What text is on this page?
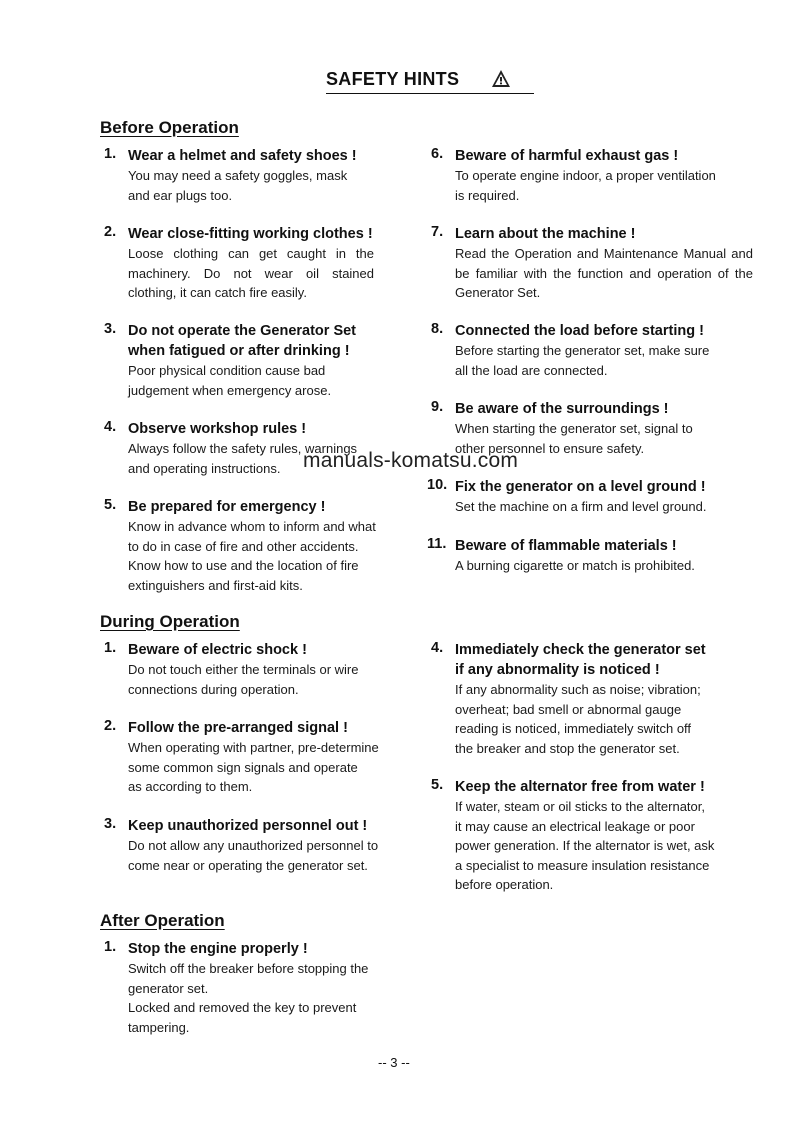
SAFETY HINTS
Before Operation
1. Wear a helmet and safety shoes !
You may need a safety goggles, mask
and ear plugs too.
2. Wear close-fitting working clothes !
Loose clothing can get caught in the machinery. Do not wear oil stained clothing, it can catch fire easily.
3. Do not operate the Generator Set when fatigued or after drinking !
Poor physical condition cause bad
judgement when emergency arose.
4. Observe workshop rules !
Always follow the safety rules, warnings
and operating instructions.
5. Be prepared for emergency !
Know in advance whom to inform and what
to do in case of fire and other accidents.
Know how to use and the location of fire
extinguishers and first-aid kits.
6. Beware of harmful exhaust gas !
To operate engine indoor, a proper ventilation
is required.
7. Learn about the machine !
Read the Operation and Maintenance Manual and be familiar with the function and operation of the Generator Set.
8. Connected the load before starting !
Before starting the generator set, make sure
all the load are connected.
9. Be aware of the surroundings !
When starting the generator set, signal to
other personnel to ensure safety.
10. Fix the generator on a level ground !
Set the machine on a firm and level ground.
11. Beware of flammable materials !
A burning cigarette or match is prohibited.
manuals-komatsu.com
During Operation
1. Beware of electric shock !
Do not touch either the terminals or wire
connections during operation.
2. Follow the pre-arranged signal !
When operating with partner, pre-determine
some common sign signals and operate
as according to them.
3. Keep unauthorized personnel out !
Do not allow any unauthorized personnel to
come near or operating the generator set.
4. Immediately check the generator set if any abnormality is noticed !
If any abnormality such as noise; vibration;
overheat; bad smell or abnormal gauge
reading is noticed, immediately switch off
the breaker and stop the generator set.
5. Keep the alternator free from water !
If water, steam or oil sticks to the alternator,
it may cause an electrical leakage or poor
power generation. If the alternator is wet, ask
a specialist to measure insulation resistance
before operation.
After Operation
1. Stop the engine properly !
Switch off the breaker before stopping the
generator set.
Locked and removed the key to prevent
tampering.
-- 3 --
